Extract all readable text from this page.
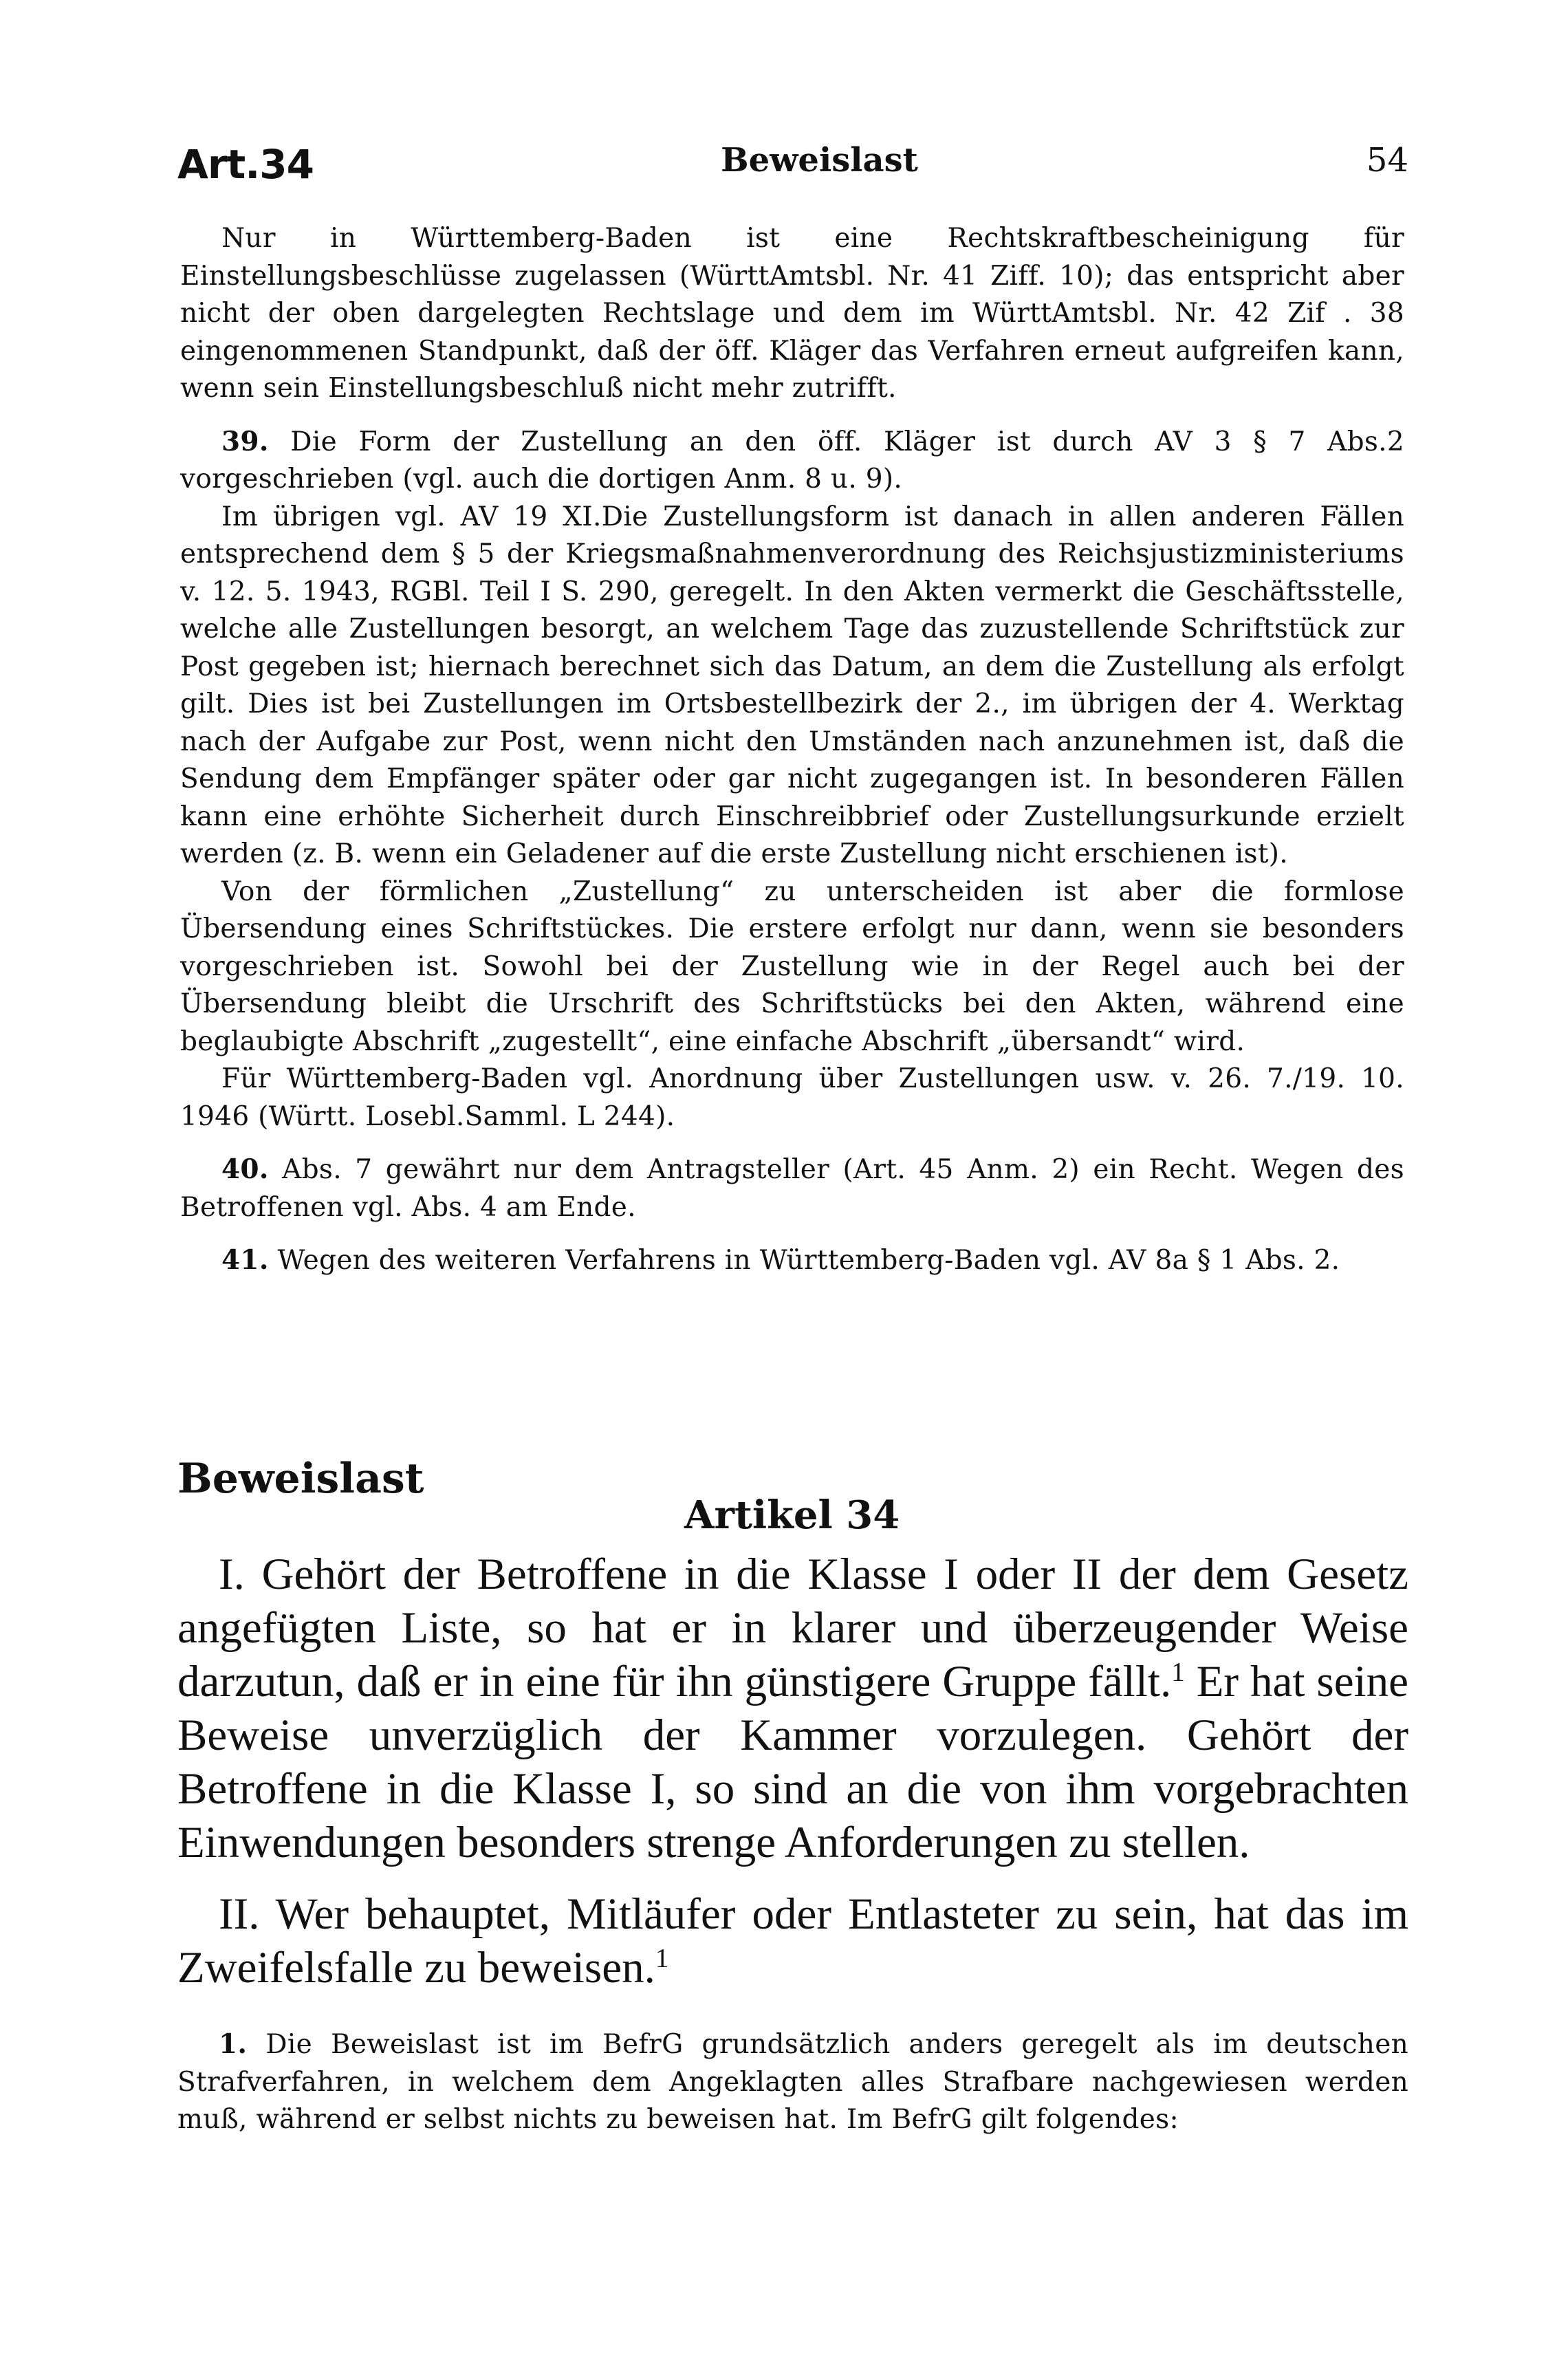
Art.34	Beweislast	54

Nur in Württemberg-Baden ist eine Rechtskraftbescheinigung für Einstellungsbeschlüsse zugelassen (WürttAmtsbl. Nr. 41 Ziff. 10); das entspricht aber nicht der oben dargelegten Rechtslage und dem im WürttAmtsbl. Nr. 42 Zif . 38 eingenommenen Standpunkt, daß der öff. Kläger das Verfahren erneut aufgreifen kann, wenn sein Einstellungsbeschluß nicht mehr zutrifft.

39. Die Form der Zustellung an den öff. Kläger ist durch AV 3 § 7 Abs.2 vorgeschrieben (vgl. auch die dortigen Anm. 8 u. 9).

Im übrigen vgl. AV 19 XI.Die Zustellungsform ist danach in allen anderen Fällen entsprechend dem § 5 der Kriegsmaßnahmenverordnung des Reichsjustizministeriums v. 12. 5. 1943, RGBl. Teil I S. 290, geregelt. In den Akten vermerkt die Geschäftsstelle, welche alle Zustellungen besorgt, an welchem Tage das zuzustellende Schriftstück zur Post gegeben ist; hiernach berechnet sich das Datum, an dem die Zustellung als erfolgt gilt. Dies ist bei Zustellungen im Ortsbestellbezirk der 2., im übrigen der 4. Werktag nach der Aufgabe zur Post, wenn nicht den Umständen nach anzunehmen ist, daß die Sendung dem Empfänger später oder gar nicht zugegangen ist. In besonderen Fällen kann eine erhöhte Sicherheit durch Einschreibbrief oder Zustellungsurkunde erzielt werden (z. B. wenn ein Geladener auf die erste Zustellung nicht erschienen ist).

Von der förmlichen „Zustellung“ zu unterscheiden ist aber die formlose Übersendung eines Schriftstückes. Die erstere erfolgt nur dann, wenn sie besonders vorgeschrieben ist. Sowohl bei der Zustellung wie in der Regel auch bei der Übersendung bleibt die Urschrift des Schriftstücks bei den Akten, während eine beglaubigte Abschrift „zugestellt“, eine einfache Abschrift „übersandt“ wird.

Für Württemberg-Baden vgl. Anordnung über Zustellungen usw. v. 26. 7./19. 10. 1946 (Württ. Losebl.Samml. L 244).

40. Abs. 7 gewährt nur dem Antragsteller (Art. 45 Anm. 2) ein Recht. Wegen des Betroffenen vgl. Abs. 4 am Ende.

41. Wegen des weiteren Verfahrens in Württemberg-Baden vgl. AV 8a § 1 Abs. 2.

Beweislast
Artikel 34

I. Gehört der Betroffene in die Klasse I oder II der dem Gesetz angefügten Liste, so hat er in klarer und überzeugender Weise darzutun, daß er in eine für ihn günstigere Gruppe fällt.$^1$ Er hat seine Beweise unverzüglich der Kammer vorzulegen. Gehört der Betroffene in die Klasse I, so sind an die von ihm vorgebrachten Einwendungen besonders strenge Anforderungen zu stellen.

II. Wer behauptet, Mitläufer oder Entlasteter zu sein, hat das im Zweifelsfalle zu beweisen.$^1$

1. Die Beweislast ist im BefrG grundsätzlich anders geregelt als im deutschen Strafverfahren, in welchem dem Angeklagten alles Strafbare nachgewiesen werden muß, während er selbst nichts zu beweisen hat. Im BefrG gilt folgendes:
